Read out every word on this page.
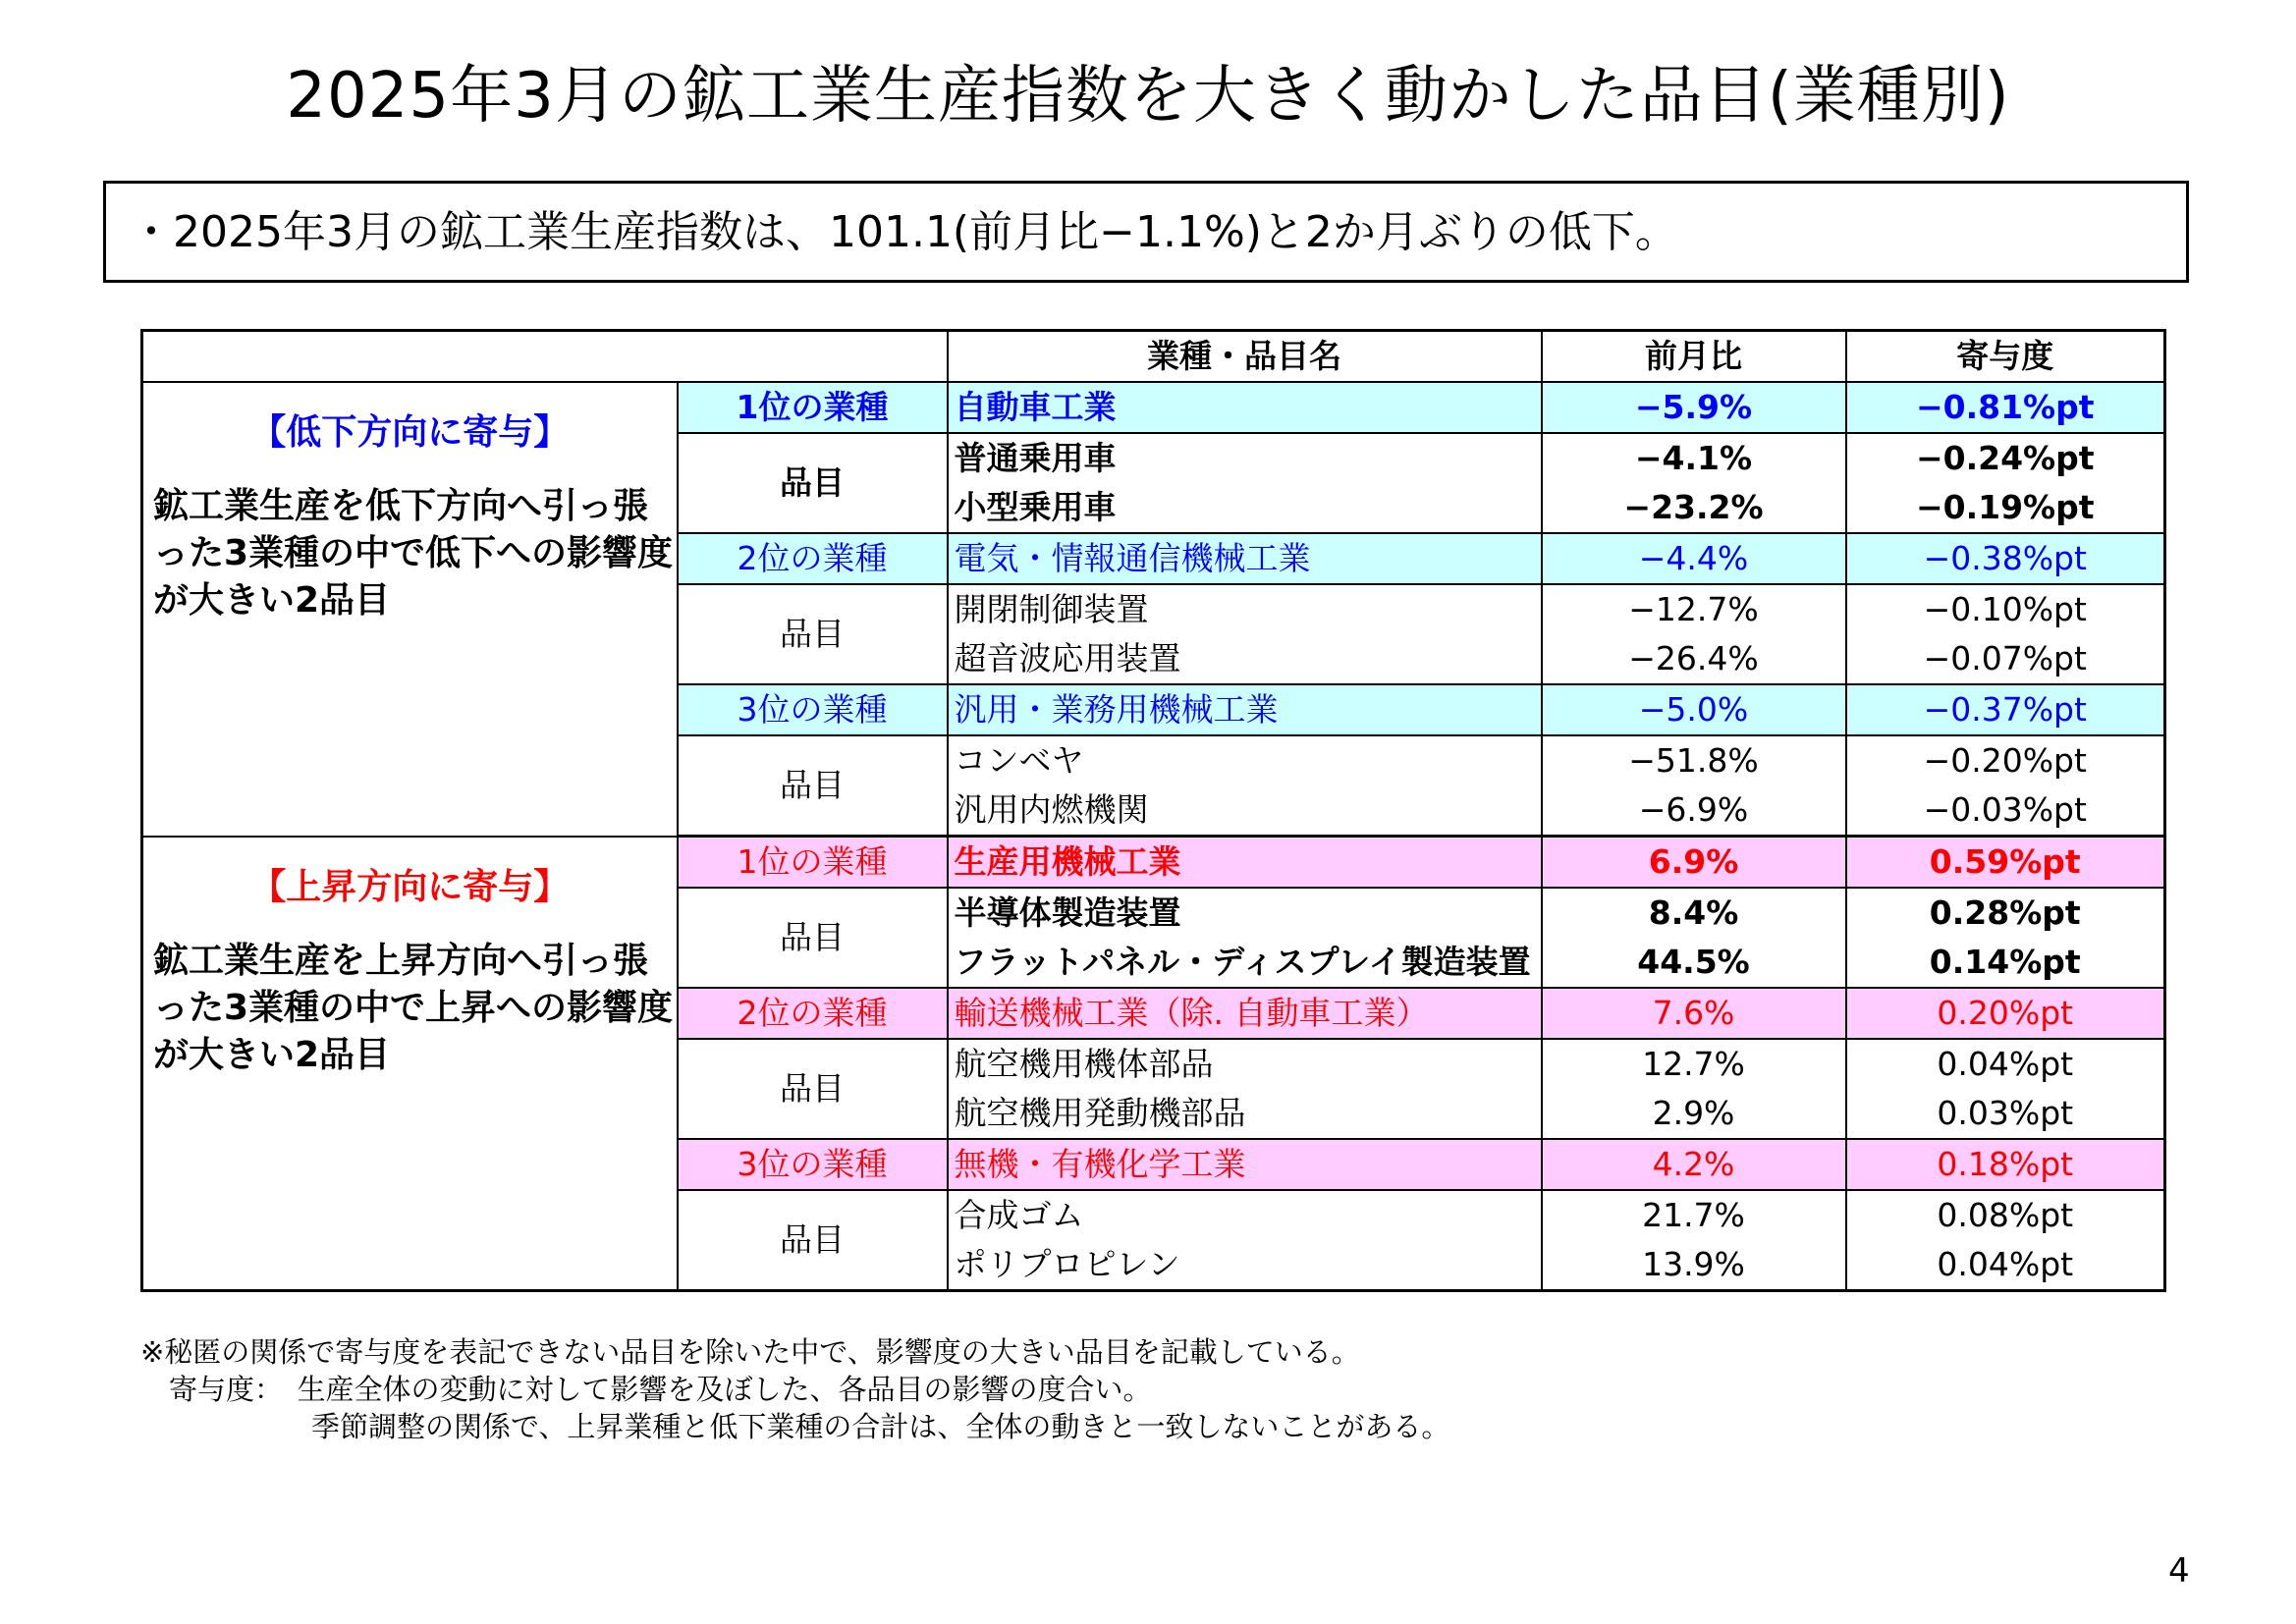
2025年3月の鉱工業生産指数を大きく動かした品目(業種別)
・2025年3月の鉱工業生産指数は、101.1(前月比−1.1%)と2か月ぶりの低下。
		業種・品目名	前月比	寄与度

【低下方向に寄与】
鉱工業生産を低下方向へ引っ張った3業種の中で低下への影響度が大きい2品目	1位の業種	自動車工業	−5.9%	−0.81%pt
	品目	普通乗用車	−4.1%	−0.24%pt
		小型乗用車	−23.2%	−0.19%pt
	2位の業種	電気・情報通信機械工業	−4.4%	−0.38%pt
	品目	開閉制御装置	−12.7%	−0.10%pt
		超音波応用装置	−26.4%	−0.07%pt
	3位の業種	汎用・業務用機械工業	−5.0%	−0.37%pt
	品目	コンベヤ	−51.8%	−0.20%pt
		汎用内燃機関	−6.9%	−0.03%pt

【上昇方向に寄与】
鉱工業生産を上昇方向へ引っ張った3業種の中で上昇への影響度が大きい2品目	1位の業種	生産用機械工業	6.9%	0.59%pt
	品目	半導体製造装置	8.4%	0.28%pt
		フラットパネル・ディスプレイ製造装置	44.5%	0.14%pt
	2位の業種	輸送機械工業（除. 自動車工業）	7.6%	0.20%pt
	品目	航空機用機体部品	12.7%	0.04%pt
		航空機用発動機部品	2.9%	0.03%pt
	3位の業種	無機・有機化学工業	4.2%	0.18%pt
	品目	合成ゴム	21.7%	0.08%pt
		ポリプロピレン	13.9%	0.04%pt
※秘匿の関係で寄与度を表記できない品目を除いた中で、影響度の大きい品目を記載している。
　寄与度：　生産全体の変動に対して影響を及ぼした、各品目の影響の度合い。
　　　　　　季節調整の関係で、上昇業種と低下業種の合計は、全体の動きと一致しないことがある。
4
